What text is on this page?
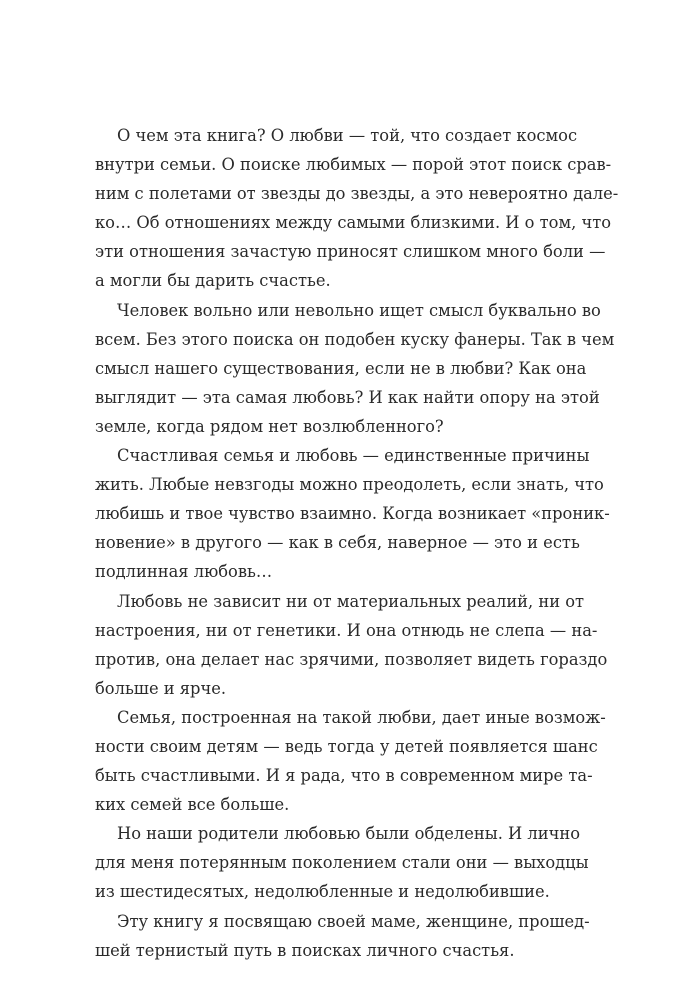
О чем эта книга? О любви — той, что создает космос
внутри семьи. О поиске любимых — порой этот поиск срав-
ним с полетами от звезды до звезды, а это невероятно дале-
ко… Об отношениях между самыми близкими. И о том, что
эти отношения зачастую приносят слишком много боли —
а могли бы дарить счастье.
Человек вольно или невольно ищет смысл буквально во
всем. Без этого поиска он подобен куску фанеры. Так в чем
смысл нашего существования, если не в любви? Как она
выглядит — эта самая любовь? И как найти опору на этой
земле, когда рядом нет возлюбленного?
Счастливая семья и любовь — единственные причины
жить. Любые невзгоды можно преодолеть, если знать, что
любишь и твое чувство взаимно. Когда возникает «проник-
новение» в другого — как в себя, наверное — это и есть
подлинная любовь…
Любовь не зависит ни от материальных реалий, ни от
настроения, ни от генетики. И она отнюдь не слепа — на-
против, она делает нас зрячими, позволяет видеть гораздо
больше и ярче.
Семья, построенная на такой любви, дает иные возмож-
ности своим детям — ведь тогда у детей появляется шанс
быть счастливыми. И я рада, что в современном мире та-
ких семей все больше.
Но наши родители любовью были обделены. И лично
для меня потерянным поколением стали они — выходцы
из шестидесятых, недолюбленные и недолюбившие.
Эту книгу я посвящаю своей маме, женщине, прошед-
шей тернистый путь в поисках личного счастья.
